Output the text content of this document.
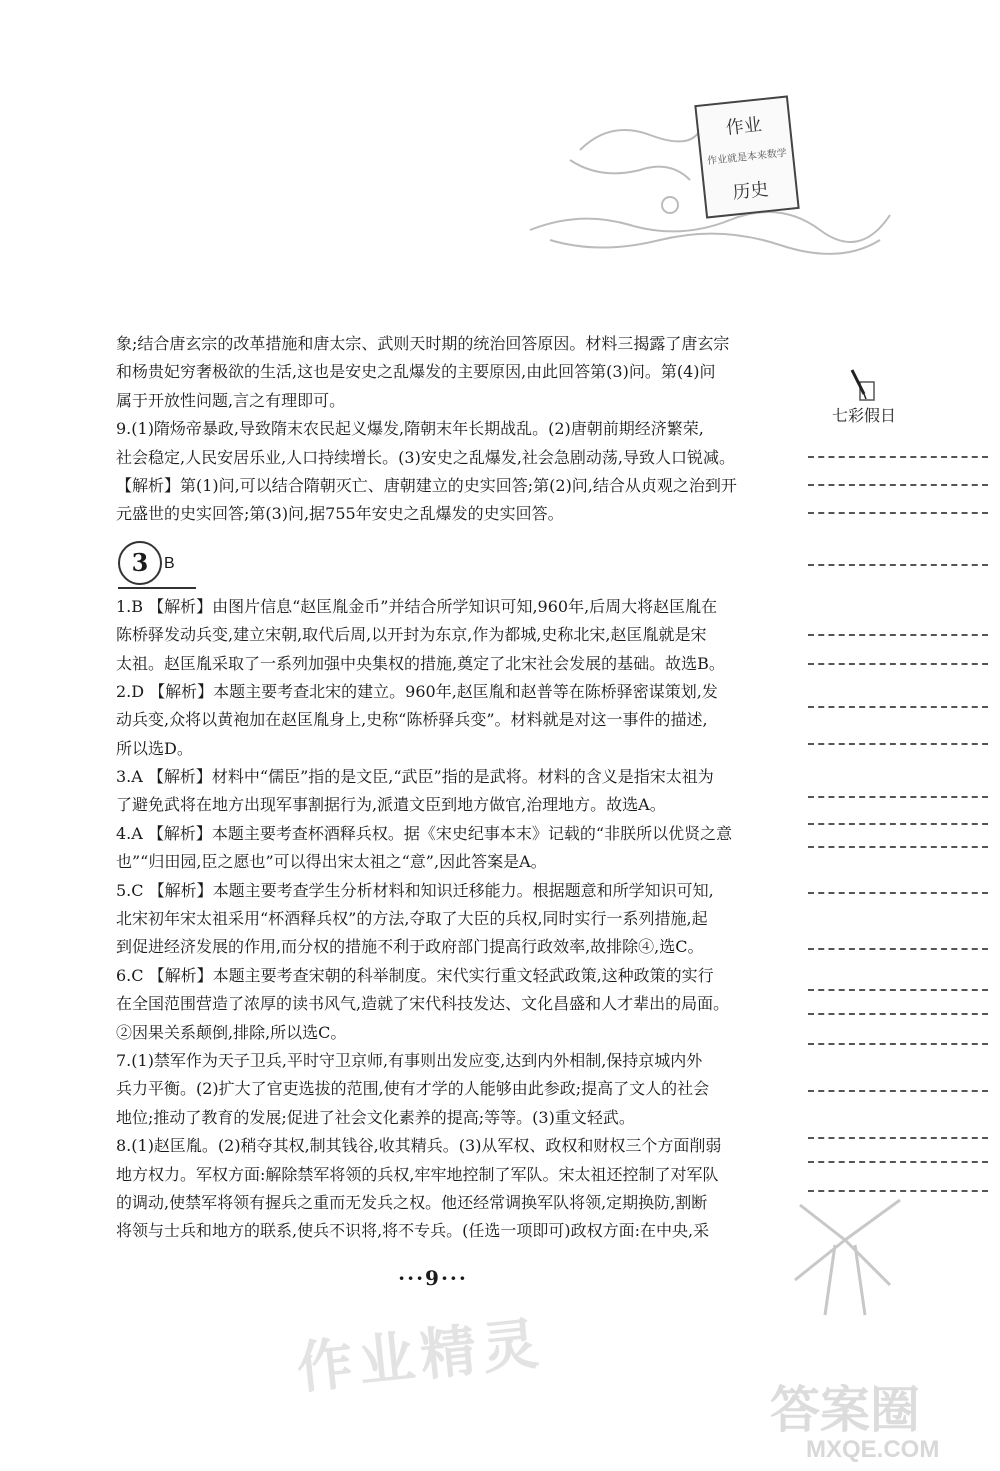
作业
作业就是本来数学
历史
象;结合唐玄宗的改革措施和唐太宗、武则天时期的统治回答原因。材料三揭露了唐玄宗
和杨贵妃穷奢极欲的生活,这也是安史之乱爆发的主要原因,由此回答第(3)问。第(4)问
属于开放性问题,言之有理即可。
9.(1)隋炀帝暴政,导致隋末农民起义爆发,隋朝末年长期战乱。(2)唐朝前期经济繁荣,
社会稳定,人民安居乐业,人口持续增长。(3)安史之乱爆发,社会急剧动荡,导致人口锐减。
【解析】第(1)问,可以结合隋朝灭亡、唐朝建立的史实回答;第(2)问,结合从贞观之治到开
元盛世的史实回答;第(3)问,据755年安史之乱爆发的史实回答。
3 B
1.B 【解析】由图片信息“赵匡胤金币”并结合所学知识可知,960年,后周大将赵匡胤在
陈桥驿发动兵变,建立宋朝,取代后周,以开封为东京,作为都城,史称北宋,赵匡胤就是宋
太祖。赵匡胤采取了一系列加强中央集权的措施,奠定了北宋社会发展的基础。故选B。
2.D 【解析】本题主要考查北宋的建立。960年,赵匡胤和赵普等在陈桥驿密谋策划,发
动兵变,众将以黄袍加在赵匡胤身上,史称“陈桥驿兵变”。材料就是对这一事件的描述,
所以选D。
3.A 【解析】材料中“儒臣”指的是文臣,“武臣”指的是武将。材料的含义是指宋太祖为
了避免武将在地方出现军事割据行为,派遣文臣到地方做官,治理地方。故选A。
4.A 【解析】本题主要考查杯酒释兵权。据《宋史纪事本末》记载的“非朕所以优贤之意
也”“归田园,臣之愿也”可以得出宋太祖之“意”,因此答案是A。
5.C 【解析】本题主要考查学生分析材料和知识迁移能力。根据题意和所学知识可知,
北宋初年宋太祖采用“杯酒释兵权”的方法,夺取了大臣的兵权,同时实行一系列措施,起
到促进经济发展的作用,而分权的措施不利于政府部门提高行政效率,故排除④,选C。
6.C 【解析】本题主要考查宋朝的科举制度。宋代实行重文轻武政策,这种政策的实行
在全国范围营造了浓厚的读书风气,造就了宋代科技发达、文化昌盛和人才辈出的局面。
②因果关系颠倒,排除,所以选C。
7.(1)禁军作为天子卫兵,平时守卫京师,有事则出发应变,达到内外相制,保持京城内外
兵力平衡。(2)扩大了官吏选拔的范围,使有才学的人能够由此参政;提高了文人的社会
地位;推动了教育的发展;促进了社会文化素养的提高;等等。(3)重文轻武。
8.(1)赵匡胤。(2)稍夺其权,制其钱谷,收其精兵。(3)从军权、政权和财权三个方面削弱
地方权力。军权方面:解除禁军将领的兵权,牢牢地控制了军队。宋太祖还控制了对军队
的调动,使禁军将领有握兵之重而无发兵之权。他还经常调换军队将领,定期换防,割断
将领与士兵和地方的联系,使兵不识将,将不专兵。(任选一项即可)政权方面:在中央,采
七彩假日
···9···
作业精灵
答案圈
MXQE.COM
